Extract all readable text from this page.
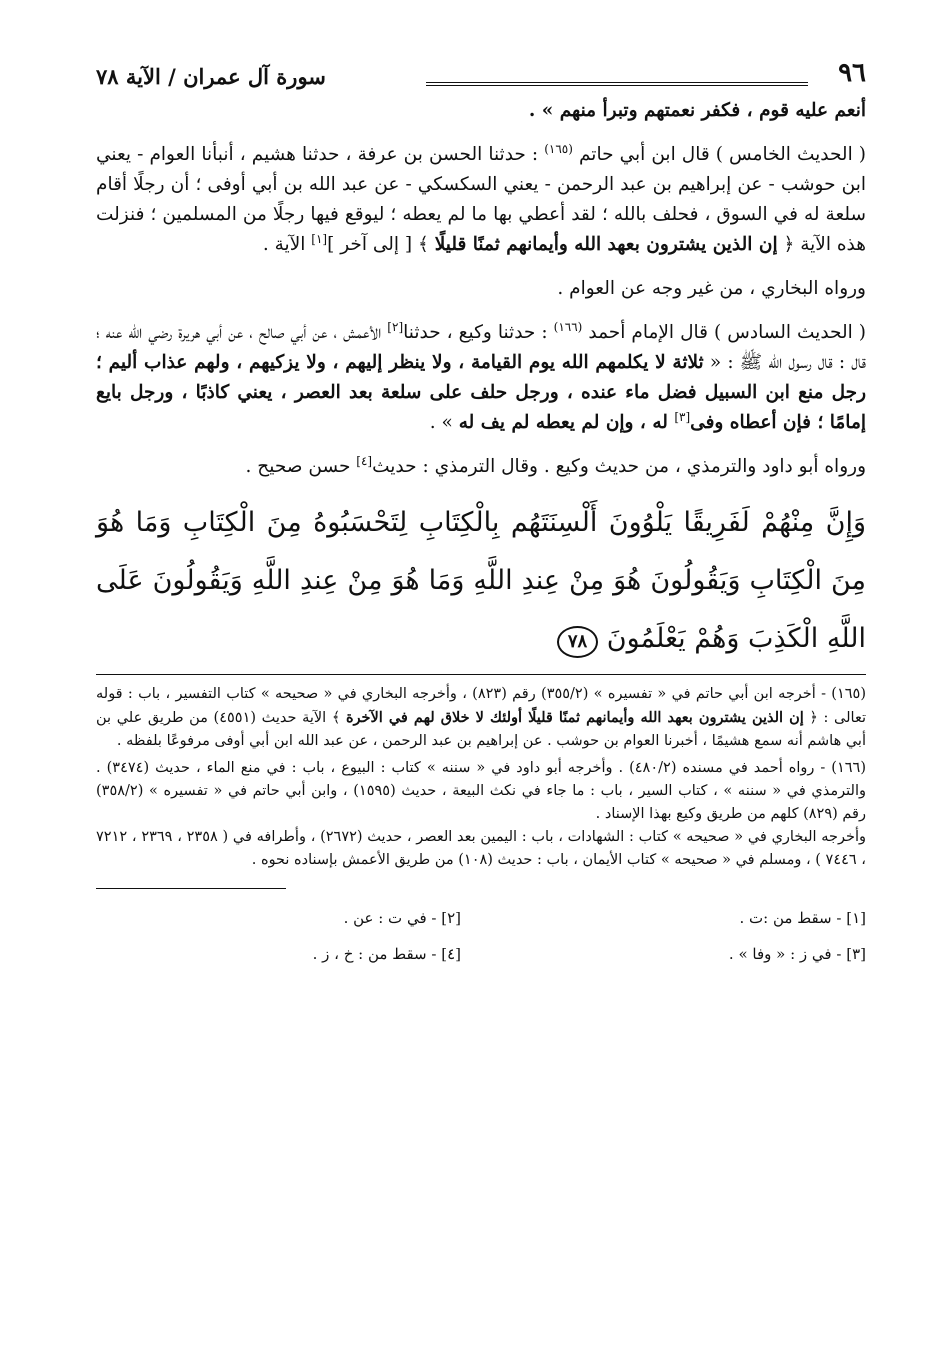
٩٦
سورة آل عمران / الآية ٧٨

أنعم عليه قوم ، فكفر نعمتهم وتبرأ منهم » .

( الحديث الخامس ) قال ابن أبي حاتم $^{(١٦٥)}$ : حدثنا الحسن بن عرفة ، حدثنا هشيم ، أنبأنا العوام - يعني ابن حوشب - عن إبراهيم بن عبد الرحمن - يعني السكسكي - عن عبد الله بن أبي أوفى ؛ أن رجلًا أقام سلعة له في السوق ، فحلف بالله ؛ لقد أعطي بها ما لم يعطه ؛ ليوقع فيها رجلًا من المسلمين ؛ فنزلت هذه الآية ﴿ إن الذين يشترون بعهد الله وأيمانهم ثمنًا قليلًا ﴾ [ إلى آخر ][١] الآية .

ورواه البخاري ، من غير وجه عن العوام .

( الحديث السادس ) قال الإمام أحمد $^{(١٦٦)}$ : حدثنا وكيع ، حدثنا[٢] الأعمش ، عن أبي صالح ، عن أبي هريرة رضي الله عنه ؛ قال : قال رسول الله ﷺ : « ثلاثة لا يكلمهم الله يوم القيامة ، ولا ينظر إليهم ، ولا يزكيهم ، ولهم عذاب أليم ؛ رجل منع ابن السبيل فضل ماء عنده ، ورجل حلف على سلعة بعد العصر ، يعني كاذبًا ، ورجل بايع إمامًا ؛ فإن أعطاه وفى[٣] له ، وإن لم يعطه لم يف له » .

ورواه أبو داود والترمذي ، من حديث وكيع . وقال الترمذي : حديث[٤] حسن صحيح .

وَإِنَّ مِنْهُمْ لَفَرِيقًا يَلْوُونَ أَلْسِنَتَهُم بِالْكِتَابِ لِتَحْسَبُوهُ مِنَ الْكِتَابِ وَمَا هُوَ مِنَ الْكِتَابِ وَيَقُولُونَ هُوَ مِنْ عِندِ اللَّهِ وَمَا هُوَ مِنْ عِندِ اللَّهِ وَيَقُولُونَ عَلَى اللَّهِ الْكَذِبَ وَهُمْ يَعْلَمُونَ ٧٨

(١٦٥) - أخرجه ابن أبي حاتم في « تفسيره » (٣٥٥/٢) رقم (٨٢٣) ، وأخرجه البخاري في « صحيحه » كتاب التفسير ، باب : قوله تعالى : ﴿ إن الذين يشترون بعهد الله وأيمانهم ثمنًا قليلًا أولئك لا خلاق لهم في الآخرة ﴾ الآية حديث (٤٥٥١) من طريق علي بن أبي هاشم أنه سمع هشيمًا ، أخبرنا العوام بن حوشب . عن إبراهيم بن عبد الرحمن ، عن عبد الله ابن أبي أوفى مرفوعًا بلفظه .

(١٦٦) - رواه أحمد في مسنده (٤٨٠/٢) . وأخرجه أبو داود في « سننه » كتاب : البيوع ، باب : في منع الماء ، حديث (٣٤٧٤) . والترمذي في « سننه » ، كتاب السير ، باب : ما جاء في نكث البيعة ، حديث (١٥٩٥) ، وابن أبي حاتم في « تفسيره » (٣٥٨/٢) رقم (٨٢٩) كلهم من طريق وكيع بهذا الإسناد .

وأخرجه البخاري في « صحيحه » كتاب : الشهادات ، باب : اليمين بعد العصر ، حديث (٢٦٧٢) ، وأطرافه في ( ٢٣٥٨ ، ٢٣٦٩ ، ٧٢١٢ ، ٧٤٤٦ ) ، ومسلم في « صحيحه » كتاب الأيمان ، باب : حديث (١٠٨) من طريق الأعمش بإسناده نحوه .

[١] - سقط من :ت .
[٢] - في ت : عن .
[٣] - في ز : « وفا » .
[٤] - سقط من : خ ، ز .
